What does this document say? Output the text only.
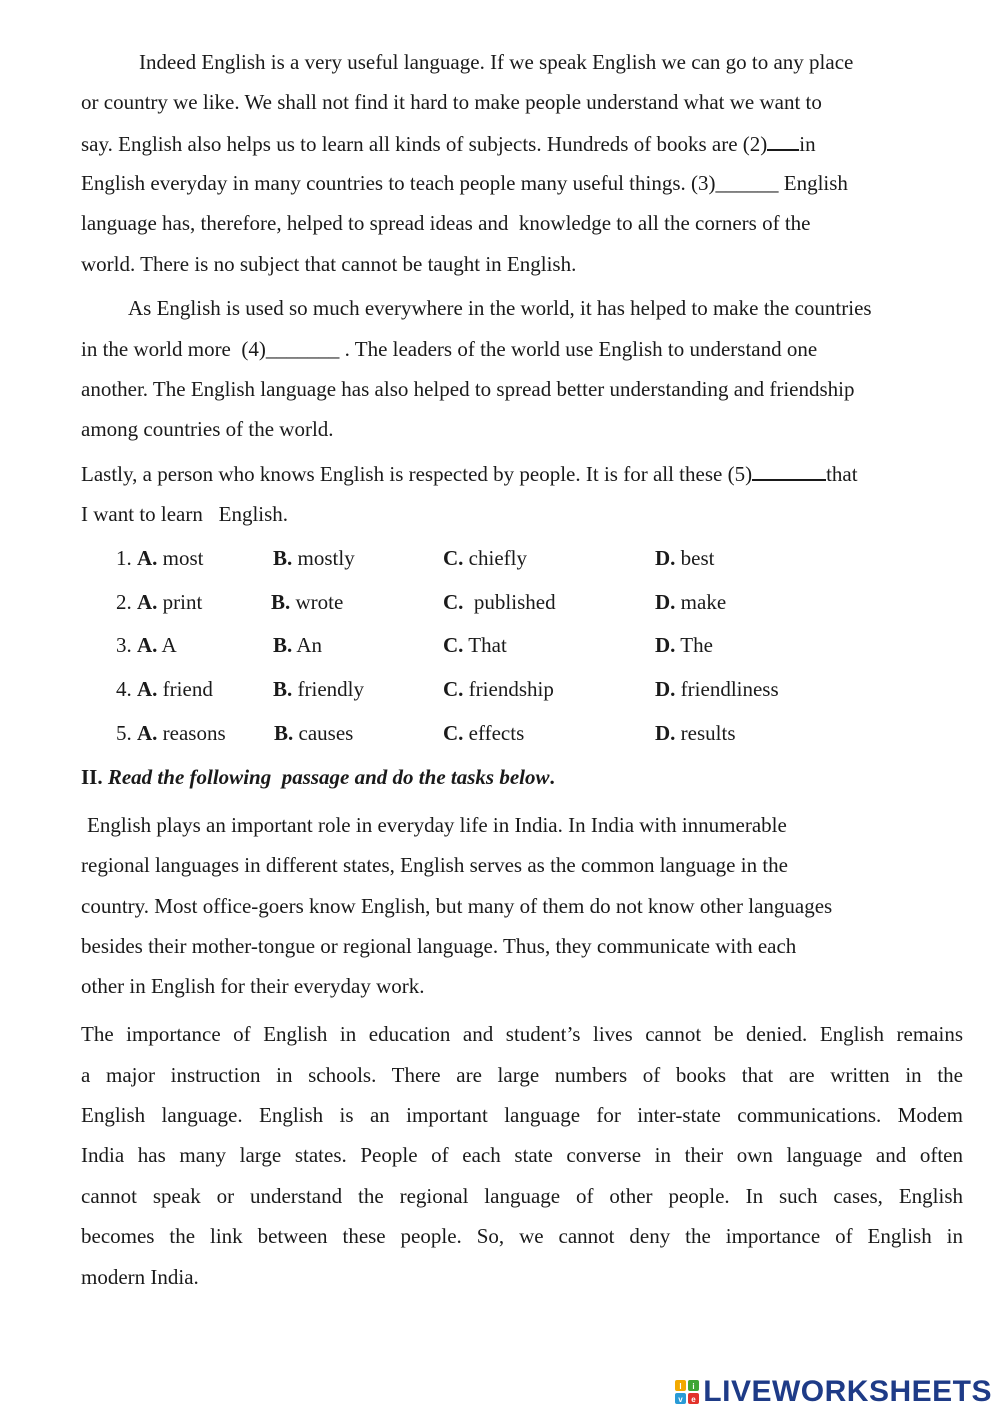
Indeed English is a very useful language. If we speak English we can go to any place
or country we like. We shall not find it hard to make people understand what we want to
say. English also helps us to learn all kinds of subjects. Hundreds of books are (2) in
English everyday in many countries to teach people many useful things. (3)______ English
language has, therefore, helped to spread ideas and  knowledge to all the corners of the
world. There is no subject that cannot be taught in English.
As English is used so much everywhere in the world, it has helped to make the countries
in the world more  (4)_______ . The leaders of the world use English to understand one
another. The English language has also helped to spread better understanding and friendship
among countries of the world.
Lastly, a person who knows English is respected by people. It is for all these (5)	that
I want to learn   English.
1. A. most	B. mostly	C. chiefly	D. best
2. A. print	B. wrote	C.  published	D. make
3. A. A	B. An	C. That	D. The
4. A. friend	B. friendly	C. friendship	D. friendliness
5. A. reasons B. causes	C. effects	D. results
II. Read the following  passage and do the tasks below.
English plays an important role in everyday life in India. In India with innumerable
regional languages in different states, English serves as the common language in the
country. Most office-goers know English, but many of them do not know other languages
besides their mother-tongue or regional language. Thus, they communicate with each
other in English for their everyday work.
The importance of English in education and student’s lives cannot be denied. English remains
a major instruction in schools. There are large numbers of books that are written in the
English language. English is an important language for inter-state communications. Modem
India has many large states. People of each state converse in their own language and often
cannot speak or understand the regional language of other people. In such cases, English
becomes the link between these people. So, we cannot deny the importance of English in
modern India.
l i
v e LIVEWORKSHEETS
